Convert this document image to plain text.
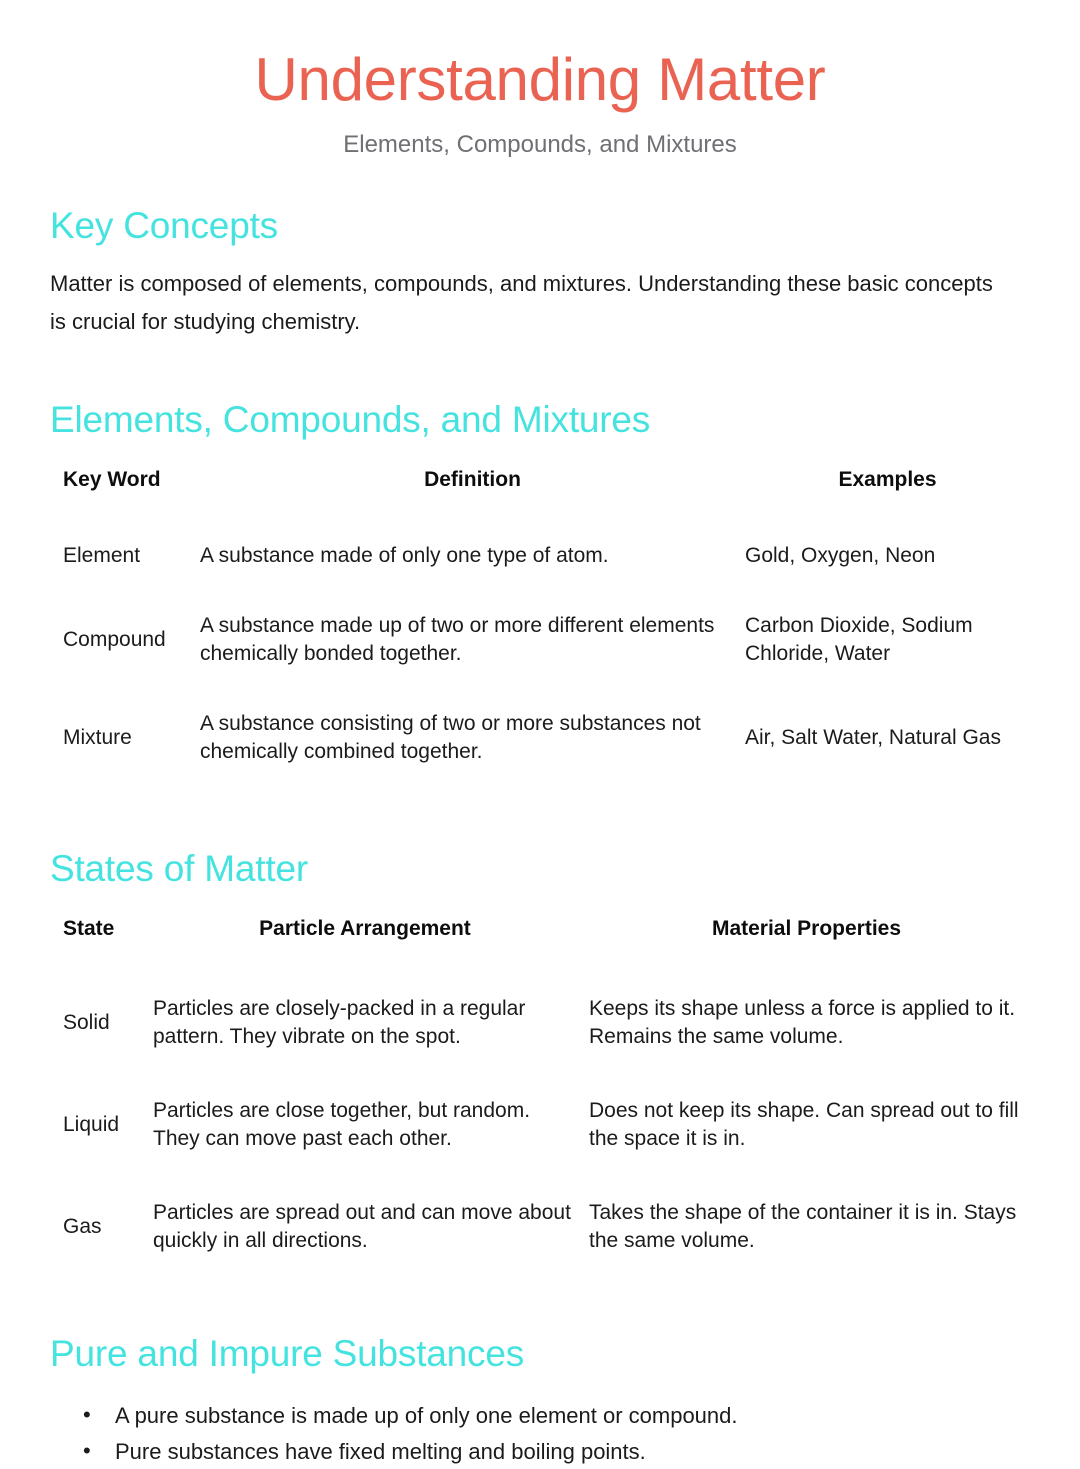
Understanding Matter
Elements, Compounds, and Mixtures
Key Concepts

Matter is composed of elements, compounds, and mixtures. Understanding these basic concepts is crucial for studying chemistry.

Elements, Compounds, and Mixtures
Key Word	Definition	Examples
Element	A substance made of only one type of atom.	Gold, Oxygen, Neon
Compound	A substance made up of two or more different elements chemically bonded together.	Carbon Dioxide, Sodium Chloride, Water
Mixture	A substance consisting of two or more substances not chemically combined together.	Air, Salt Water, Natural Gas
States of Matter
State	Particle Arrangement	Material Properties
Solid	Particles are closely-packed in a regular pattern. They vibrate on the spot.	Keeps its shape unless a force is applied to it. Remains the same volume.
Liquid	Particles are close together, but random. They can move past each other.	Does not keep its shape. Can spread out to fill the space it is in.
Gas	Particles are spread out and can move about quickly in all directions.	Takes the shape of the container it is in. Stays the same volume.
Pure and Impure Substances
• A pure substance is made up of only one element or compound.
• Pure substances have fixed melting and boiling points.
